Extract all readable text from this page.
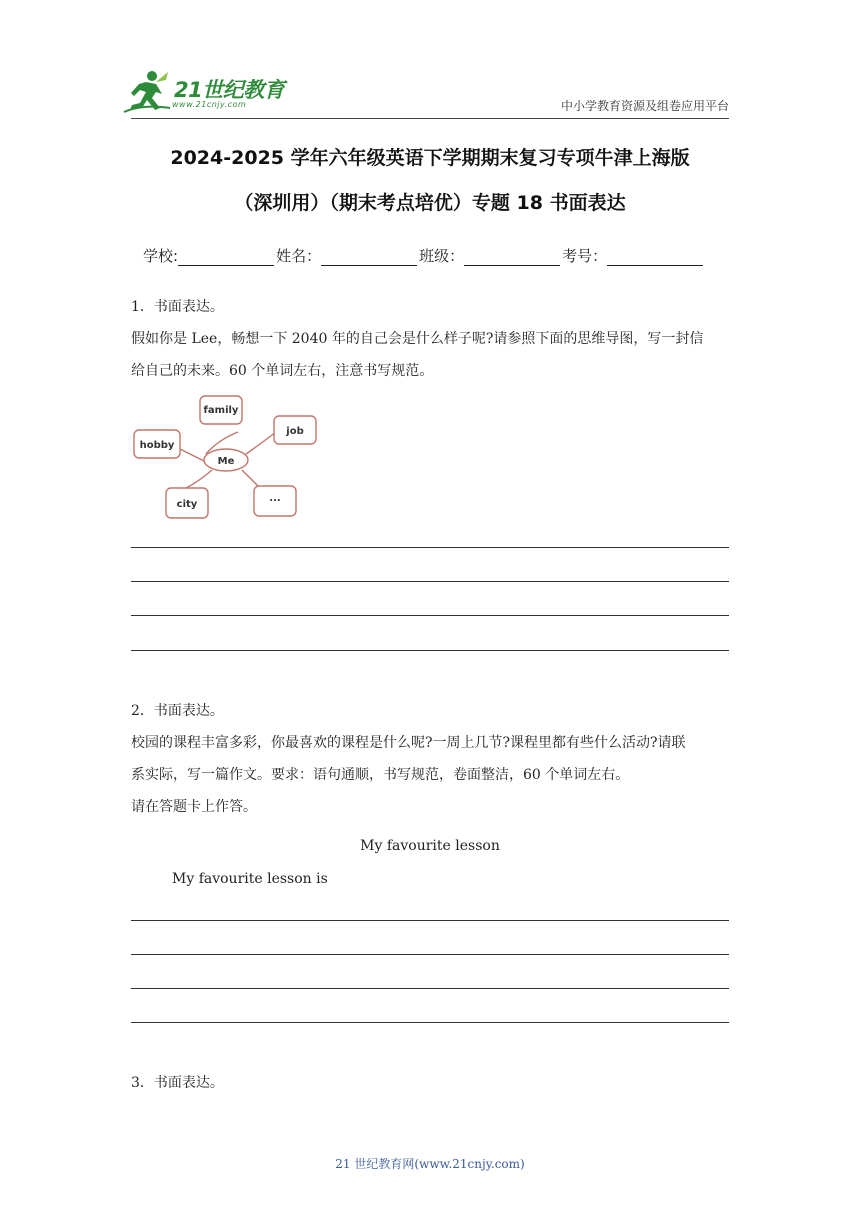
21世纪教育
www.21cnjy.com	中小学教育资源及组卷应用平台
2024-2025 学年六年级英语下学期期末复习专项牛津上海版
（深圳用）（期末考点培优）专题 18 书面表达
学校:	姓名：	班级：	考号：
1．书面表达。
假如你是 Lee，畅想一下 2040 年的自己会是什么样子呢?请参照下面的思维导图，写一封信
给自己的未来。60 个单词左右，注意书写规范。
Me
family
job
hobby
city
...
2．书面表达。
校园的课程丰富多彩，你最喜欢的课程是什么呢?一周上几节?课程里都有些什么活动?请联
系实际，写一篇作文。要求：语句通顺，书写规范，卷面整洁，60 个单词左右。
请在答题卡上作答。
My favourite lesson
My favourite lesson is
3．书面表达。
21 世纪教育网(www.21cnjy.com)
